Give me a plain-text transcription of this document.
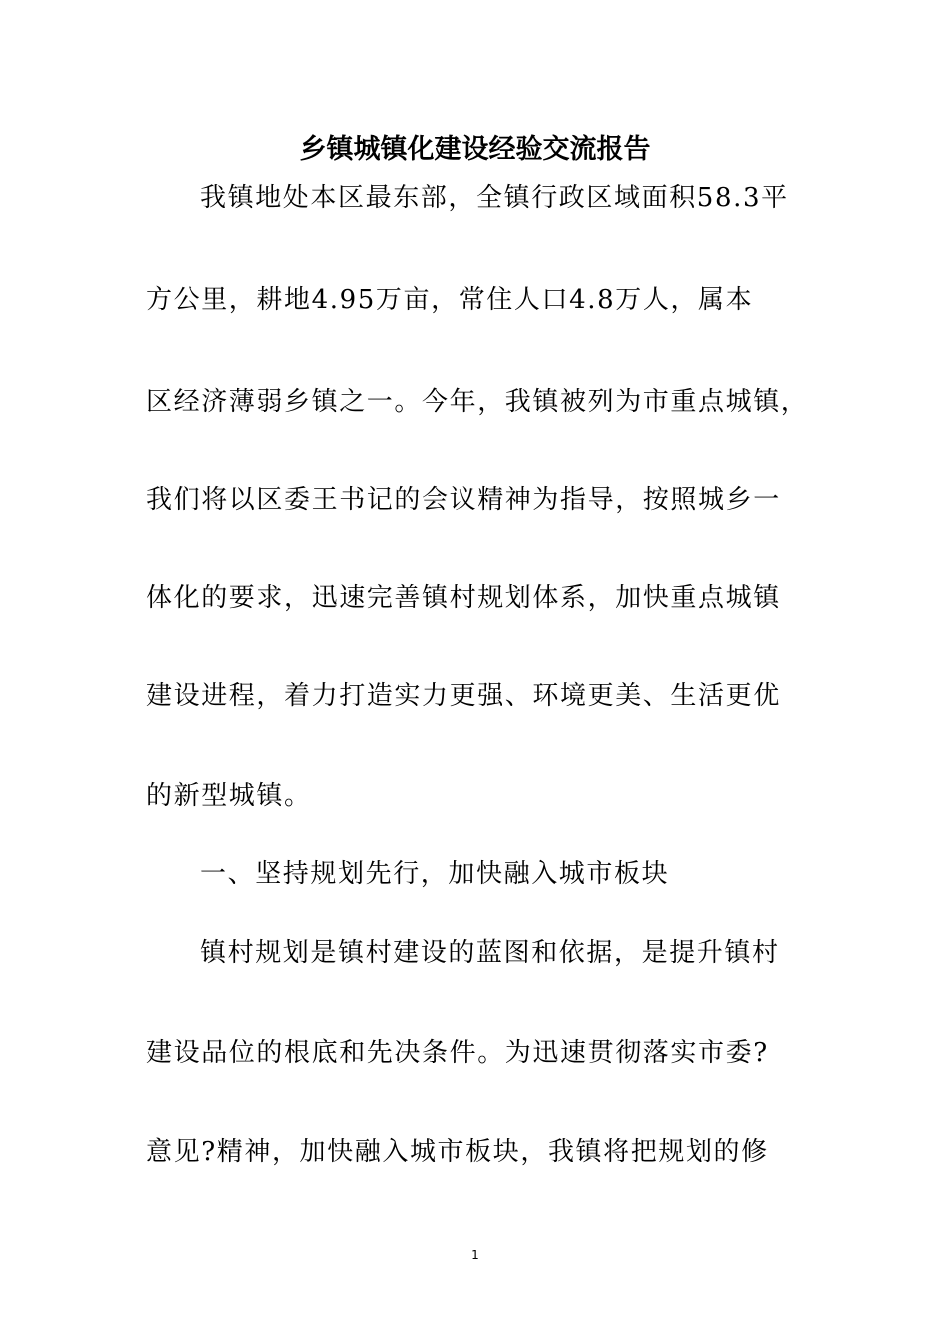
乡镇城镇化建设经验交流报告
我镇地处本区最东部，全镇行政区域面积58.3平
方公里，耕地4.95万亩，常住人口4.8万人，属本
区经济薄弱乡镇之一。今年，我镇被列为市重点城镇，
我们将以区委王书记的会议精神为指导，按照城乡一
体化的要求，迅速完善镇村规划体系，加快重点城镇
建设进程，着力打造实力更强、环境更美、生活更优
的新型城镇。
一、坚持规划先行，加快融入城市板块
镇村规划是镇村建设的蓝图和依据，是提升镇村
建设品位的根底和先决条件。为迅速贯彻落实市委?
意见?精神，加快融入城市板块，我镇将把规划的修
1
